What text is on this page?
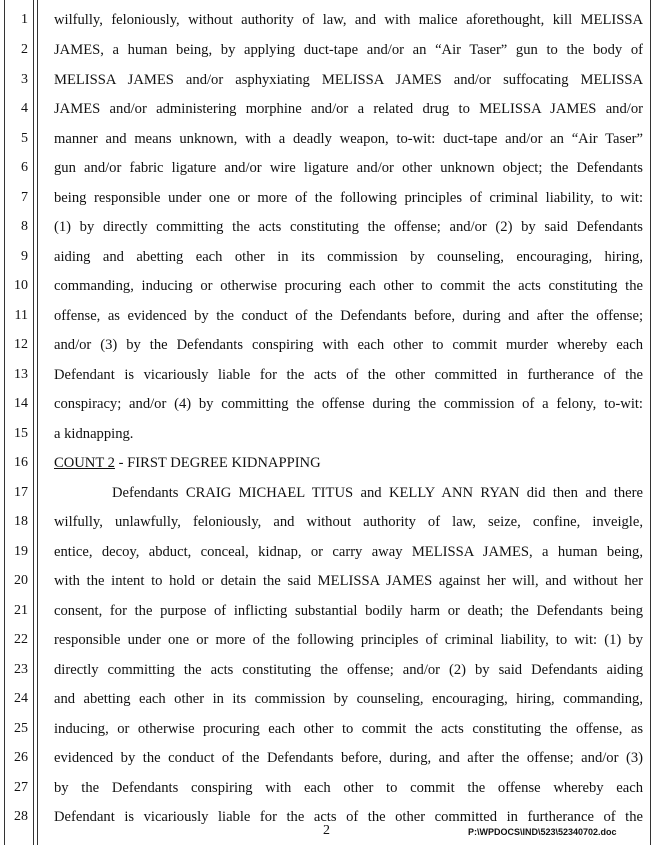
1
2
3
4
5
6
7
8
9
10
11
12
13
14
15
16
17
18
19
20
21
22
23
24
25
26
27
28
wilfully, feloniously, without authority of law, and with malice aforethought, kill MELISSA
JAMES, a human being, by applying duct-tape and/or an “Air Taser” gun to the body of
MELISSA JAMES and/or asphyxiating MELISSA JAMES and/or suffocating MELISSA
JAMES and/or administering morphine and/or a related drug to MELISSA JAMES and/or
manner and means unknown, with a deadly weapon, to-wit: duct-tape and/or an “Air Taser”
gun and/or fabric ligature and/or wire ligature and/or other unknown object; the Defendants
being responsible under one or more of the following principles of criminal liability, to wit:
(1) by directly committing the acts constituting the offense; and/or (2) by said Defendants
aiding and abetting each other in its commission by counseling, encouraging, hiring,
commanding, inducing or otherwise procuring each other to commit the acts constituting the
offense, as evidenced by the conduct of the Defendants before, during and after the offense;
and/or (3) by the Defendants conspiring with each other to commit murder whereby each
Defendant is vicariously liable for the acts of the other committed in furtherance of the
conspiracy; and/or (4) by committing the offense during the commission of a felony, to-wit:
a kidnapping.
COUNT 2 - FIRST DEGREE KIDNAPPING
Defendants CRAIG MICHAEL TITUS and KELLY ANN RYAN did then and there
wilfully, unlawfully, feloniously, and without authority of law, seize, confine, inveigle,
entice, decoy, abduct, conceal, kidnap, or carry away MELISSA JAMES, a human being,
with the intent to hold or detain the said MELISSA JAMES against her will, and without her
consent, for the purpose of inflicting substantial bodily harm or death; the Defendants being
responsible under one or more of the following principles of criminal liability, to wit: (1) by
directly committing the acts constituting the offense; and/or (2) by said Defendants aiding
and abetting each other in its commission by counseling, encouraging, hiring, commanding,
inducing, or otherwise procuring each other to commit the acts constituting the offense, as
evidenced by the conduct of the Defendants before, during, and after the offense; and/or (3)
by the Defendants conspiring with each other to commit the offense whereby each
Defendant is vicariously liable for the acts of the other committed in furtherance of the
2	P:\WPDOCS\IND\523\52340702.doc
